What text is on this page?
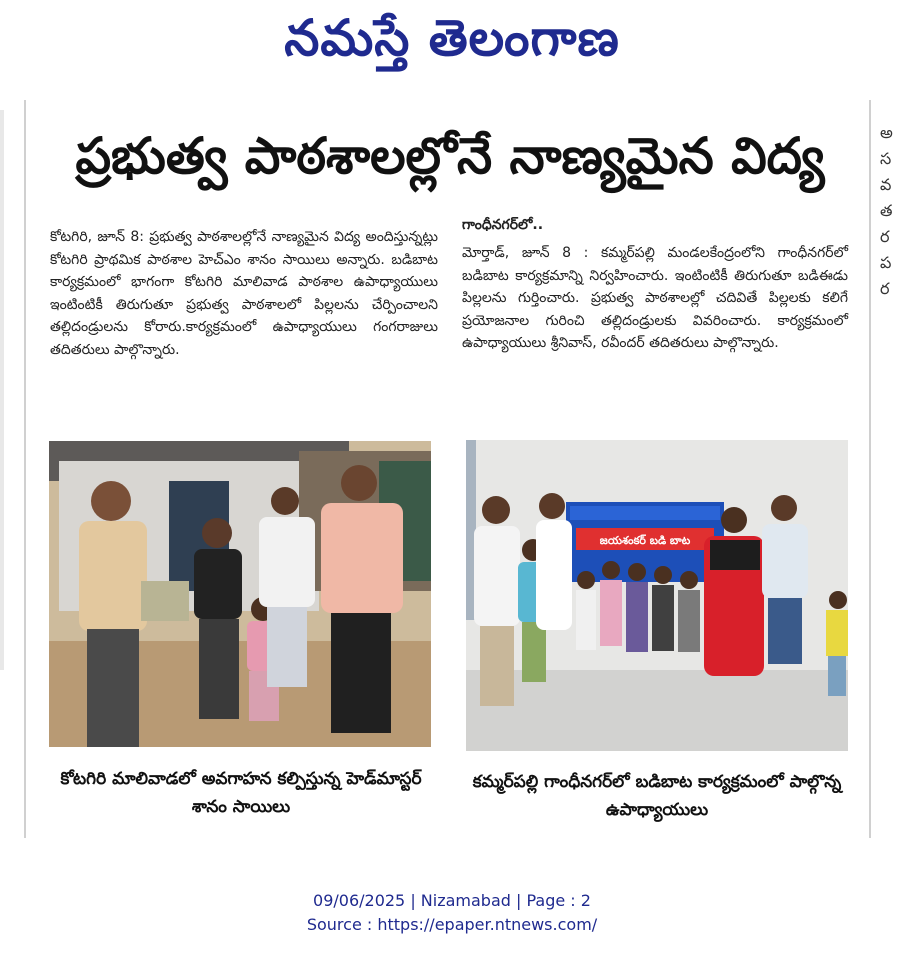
నమస్తే తెలంగాణ
ప్రభుత్వ పాఠశాలల్లోనే నాణ్యమైన విద్య
కోటగిరి, జూన్ 8: ప్రభుత్వ పాఠశాలల్లోనే నాణ్యమైన విద్య అందిస్తున్నట్లు కోటగిరి ప్రాథమిక పాఠశాల హెచ్ఎం శానం సాయిలు అన్నారు. బడిబాట కార్యక్రమంలో భాగంగా కోటగిరి మాలివాడ పాఠశాల ఉపాధ్యాయులు ఇంటింటికీ తిరుగుతూ ప్రభుత్వ పాఠశాలలో పిల్లలను చేర్పించాలని తల్లిదండ్రులను కోరారు.కార్యక్రమంలో ఉపాధ్యాయులు గంగరాజులు తదితరులు పాల్గొన్నారు.
గాంధీనగర్‌లో..
మోర్తాడ్, జూన్ 8 : కమ్మర్‌పల్లి మండలకేంద్రంలోని గాంధీనగర్‌లో బడిబాట కార్యక్రమాన్ని నిర్వహించారు. ఇంటింటికీ తిరుగుతూ బడిఈడు పిల్లలను గుర్తించారు. ప్రభుత్వ పాఠశాలల్లో చదివితే పిల్లలకు కలిగే ప్రయోజనాల గురించి తల్లిదండ్రులకు వివరించారు. కార్యక్రమంలో ఉపాధ్యాయులు శ్రీనివాస్, రవీందర్ తదితరులు పాల్గొన్నారు.
జయశంకర్ బడి బాట
కోటగిరి మాలివాడలో అవగాహన కల్పిస్తున్న హెడ్‌మాస్టర్ శానం సాయిలు
కమ్మర్‌పల్లి గాంధీనగర్‌లో బడిబాట కార్యక్రమంలో పాల్గొన్న ఉపాధ్యాయులు
అ
స
వ
త
ర
ప
ర
09/06/2025 | Nizamabad | Page : 2
Source : https://epaper.ntnews.com/
